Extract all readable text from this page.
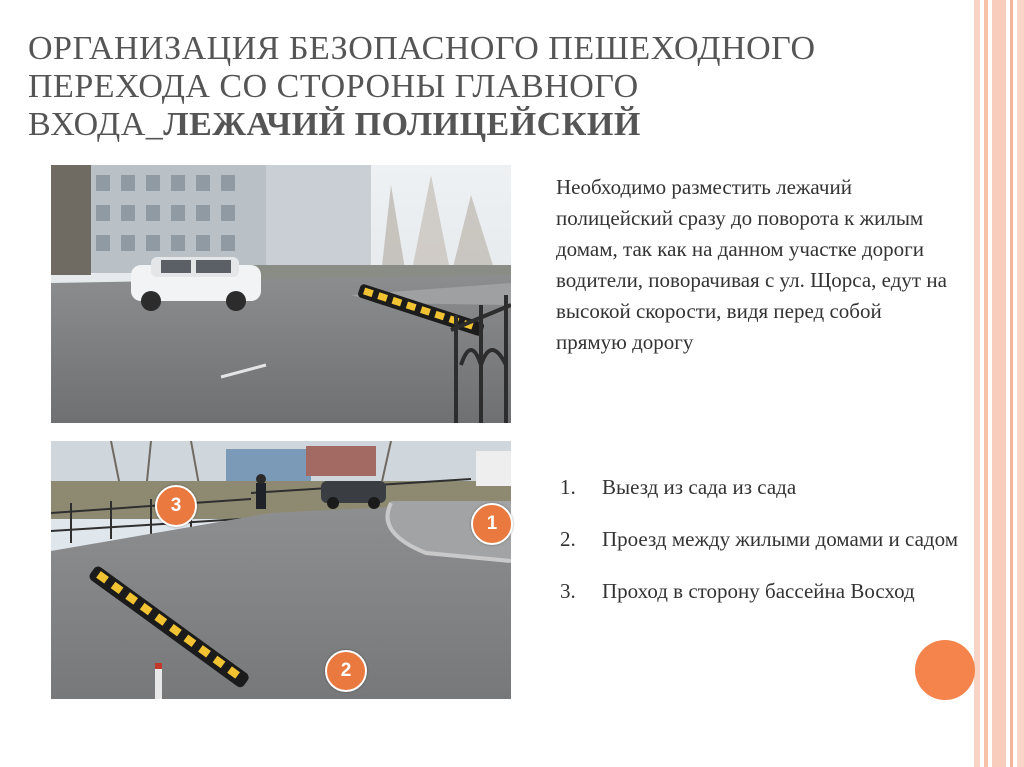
ОРГАНИЗАЦИЯ БЕЗОПАСНОГО ПЕШЕХОДНОГО
ПЕРЕХОДА СО СТОРОНЫ ГЛАВНОГО
ВХОДА_ЛЕЖАЧИЙ ПОЛИЦЕЙСКИЙ
3
1
2
Необходимо разместить лежачий полицейский сразу до поворота к жилым домам, так как на данном участке дороги водители, поворачивая с ул. Щорса, едут на высокой скорости, видя перед собой прямую дорогу
1.	Выезд из сада из сада
2.	Проезд между жилыми домами и садом
3.	Проход в сторону бассейна Восход
